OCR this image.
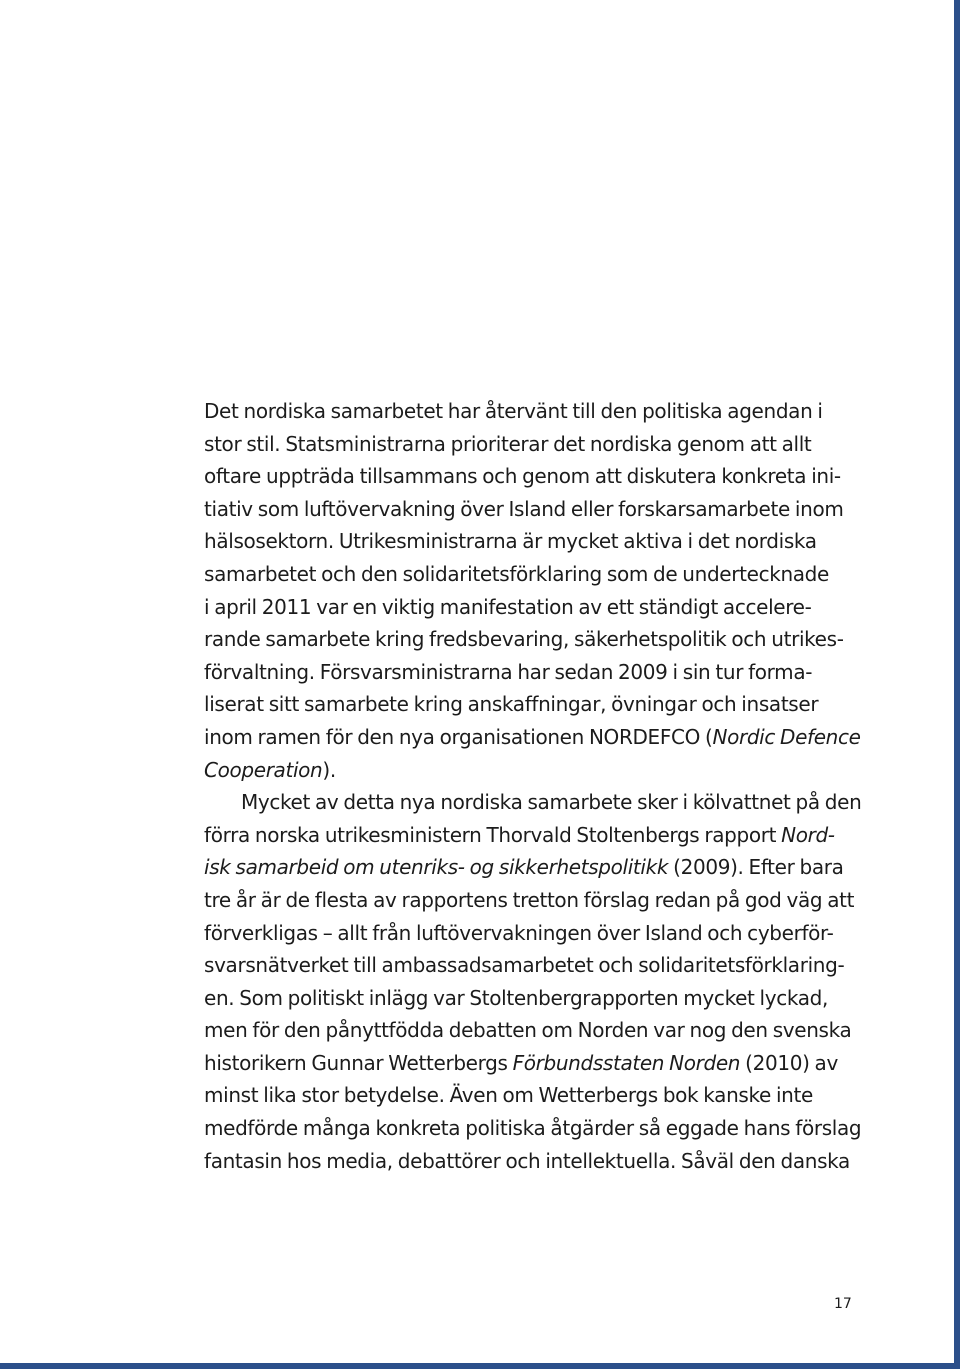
Det nordiska samarbetet har återvänt till den politiska agendan i
stor stil. Statsministrarna prioriterar det nordiska genom att allt
oftare uppträda tillsammans och genom att diskutera konkreta ini-
tiativ som luftövervakning över Island eller forskarsamarbete inom
hälsosektorn. Utrikesministrarna är mycket aktiva i det nordiska
samarbetet och den solidaritetsförklaring som de undertecknade
i april 2011 var en viktig manifestation av ett ständigt accelere-
rande samarbete kring fredsbevaring, säkerhetspolitik och utrikes-
förvaltning. Försvarsministrarna har sedan 2009 i sin tur forma-
liserat sitt samarbete kring anskaffningar, övningar och insatser
inom ramen för den nya organisationen NORDEFCO (Nordic Defence
Cooperation).
Mycket av detta nya nordiska samarbete sker i kölvattnet på den
förra norska utrikesministern Thorvald Stoltenbergs rapport Nord-
isk samarbeid om utenriks- og sikkerhetspolitikk (2009). Efter bara
tre år är de flesta av rapportens tretton förslag redan på god väg att
förverkligas – allt från luftövervakningen över Island och cyberför-
svarsnätverket till ambassadsamarbetet och solidaritetsförklaring-
en. Som politiskt inlägg var Stoltenbergrapporten mycket lyckad,
men för den pånyttfödda debatten om Norden var nog den svenska
historikern Gunnar Wetterbergs Förbundsstaten Norden (2010) av
minst lika stor betydelse. Även om Wetterbergs bok kanske inte
medförde många konkreta politiska åtgärder så eggade hans förslag
fantasin hos media, debattörer och intellektuella. Såväl den danska
17
